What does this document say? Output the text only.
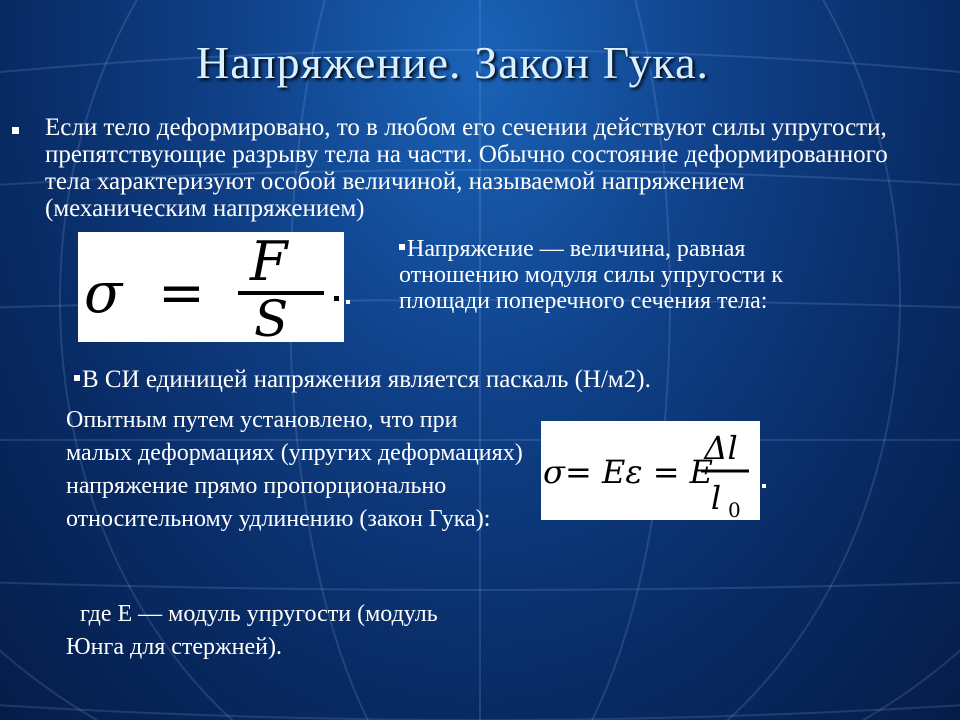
Напряжение. Закон Гука.
Если тело деформировано, то в любом его сечении действуют силы упругости, препятствующие разрыву тела на части. Обычно состояние деформированного тела характеризуют особой величиной, называемой напряжением (механическим напряжением)
σ = F
S
Напряжение — величина, равная отношению модуля силы упругости к площади поперечного сечения тела:
В СИ единицей напряжения является паскаль (Н/м2).
Опытным путем установлено, что при малых деформациях (упругих деформациях) напряжение прямо пропорционально относительному удлинению (закон Гука):
σ = Eε = E
Δl
l 0
где E — модуль упругости (модуль
Юнга для стержней).
